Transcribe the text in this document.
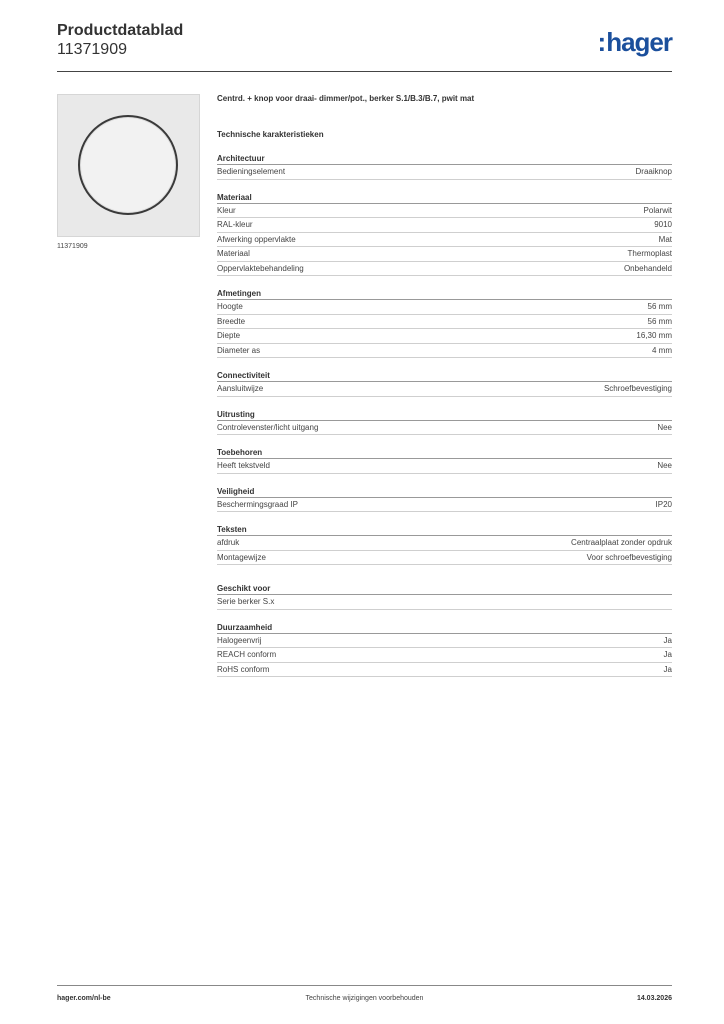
Productdatablad
11371909	:hager
11371909
Centrd. + knop voor draai- dimmer/pot., berker S.1/B.3/B.7, pwit mat
Technische karakteristieken
Architectuur
Bedieningselement	Draaiknop
Materiaal
Kleur	Polarwit
RAL-kleur	9010
Afwerking oppervlakte	Mat
Materiaal	Thermoplast
Oppervlaktebehandeling	Onbehandeld
Afmetingen
Hoogte	56 mm
Breedte	56 mm
Diepte	16,30 mm
Diameter as	4 mm
Connectiviteit
Aansluitwijze	Schroefbevestiging
Uitrusting
Controlevenster/licht uitgang	Nee
Toebehoren
Heeft tekstveld	Nee
Veiligheid
Beschermingsgraad IP	IP20
Teksten
afdruk	Centraalplaat zonder opdruk
Montagewijze	Voor schroefbevestiging
Geschikt voor
Serie berker S.x
Duurzaamheid
Halogeenvrij	Ja
REACH conform	Ja
RoHS conform	Ja
hager.com/nl-be	Technische wijzigingen voorbehouden	14.03.2026
